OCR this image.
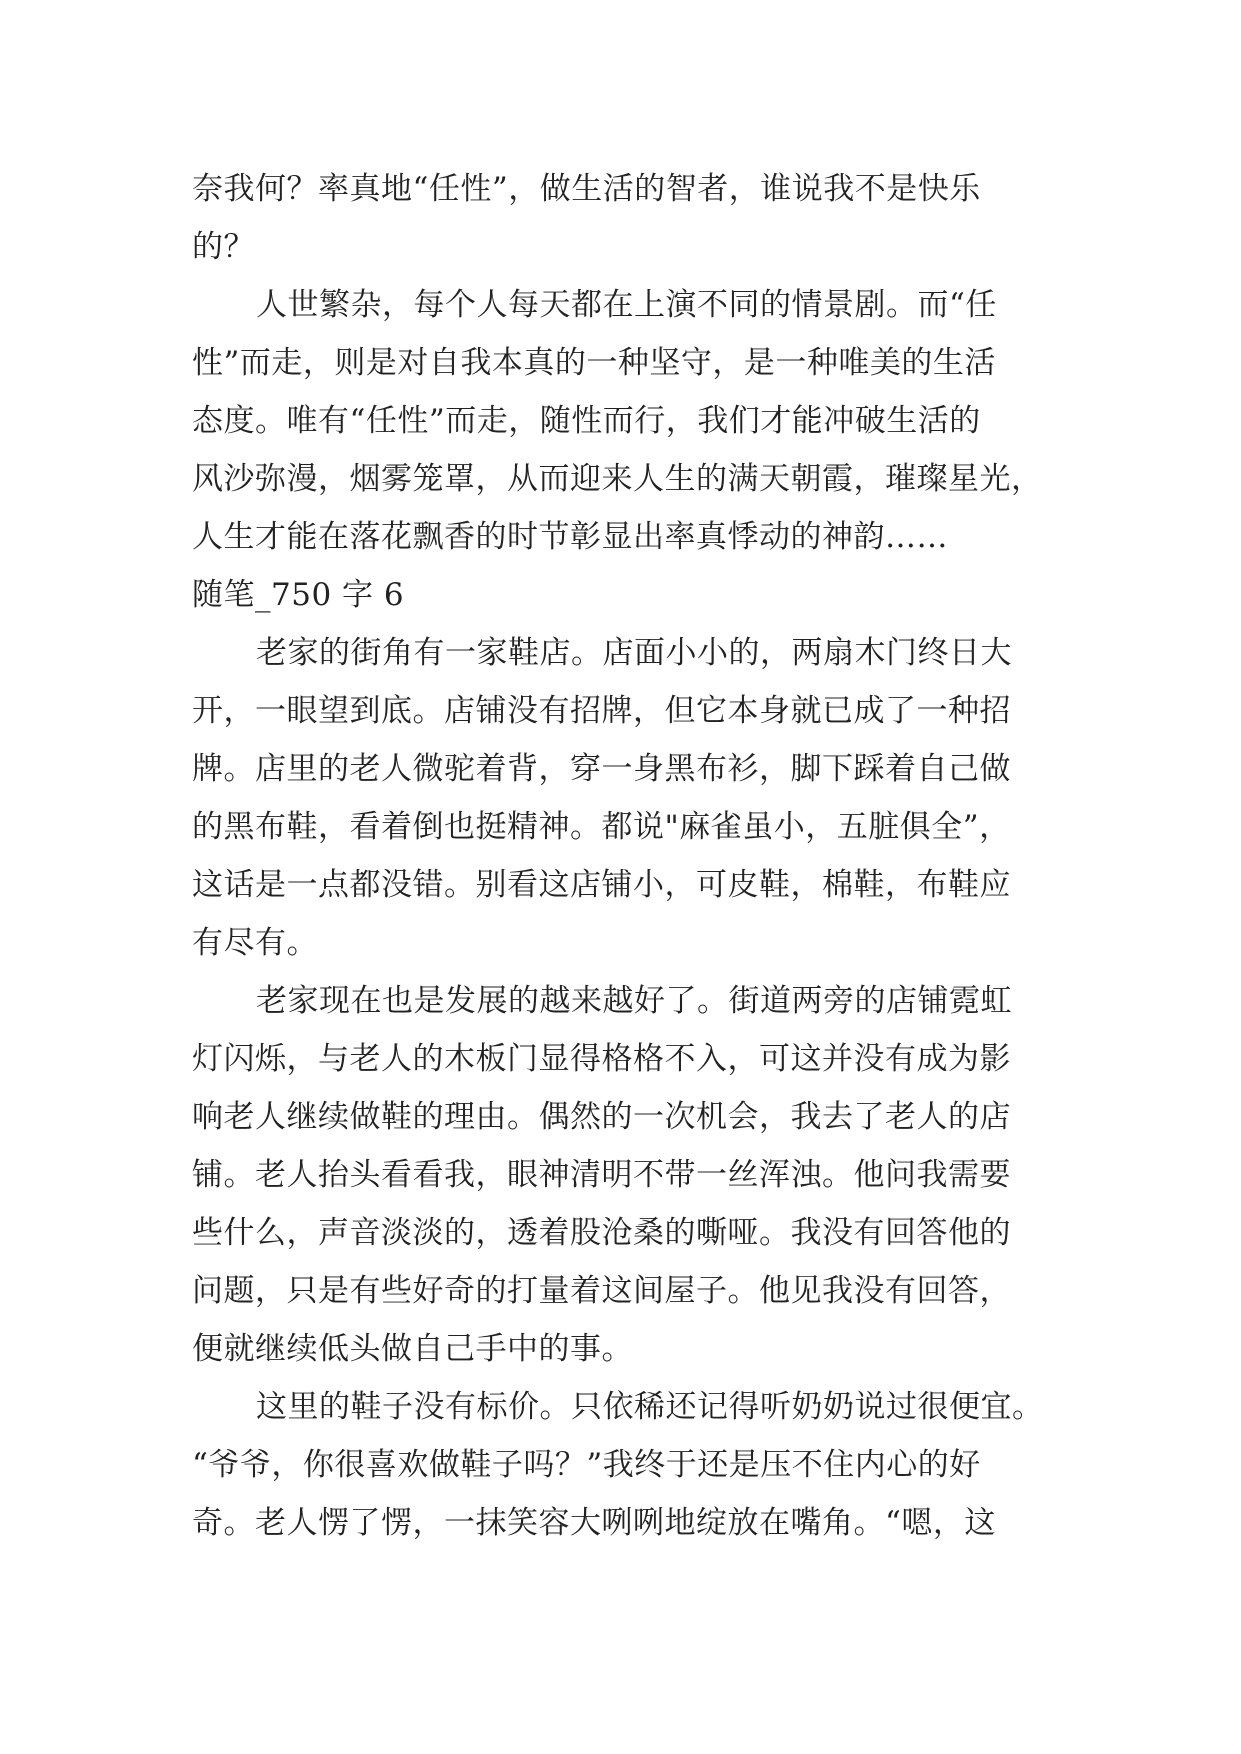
奈我何？率真地“任性”，做生活的智者，谁说我不是快乐
的？
人世繁杂，每个人每天都在上演不同的情景剧。而“任
性”而走，则是对自我本真的一种坚守，是一种唯美的生活
态度。唯有“任性”而走，随性而行，我们才能冲破生活的
风沙弥漫，烟雾笼罩，从而迎来人生的满天朝霞，璀璨星光，
人生才能在落花飘香的时节彰显出率真悸动的神韵……
随笔_750 字 6
老家的街角有一家鞋店。店面小小的，两扇木门终日大
开，一眼望到底。店铺没有招牌，但它本身就已成了一种招
牌。店里的老人微驼着背，穿一身黑布衫，脚下踩着自己做
的黑布鞋，看着倒也挺精神。都说"麻雀虽小，五脏俱全”，
这话是一点都没错。别看这店铺小，可皮鞋，棉鞋，布鞋应
有尽有。
老家现在也是发展的越来越好了。街道两旁的店铺霓虹
灯闪烁，与老人的木板门显得格格不入，可这并没有成为影
响老人继续做鞋的理由。偶然的一次机会，我去了老人的店
铺。老人抬头看看我，眼神清明不带一丝浑浊。他问我需要
些什么，声音淡淡的，透着股沧桑的嘶哑。我没有回答他的
问题，只是有些好奇的打量着这间屋子。他见我没有回答，
便就继续低头做自己手中的事。
这里的鞋子没有标价。只依稀还记得听奶奶说过很便宜。
“爷爷，你很喜欢做鞋子吗？”我终于还是压不住内心的好
奇。老人愣了愣，一抹笑容大咧咧地绽放在嘴角。“嗯，这
